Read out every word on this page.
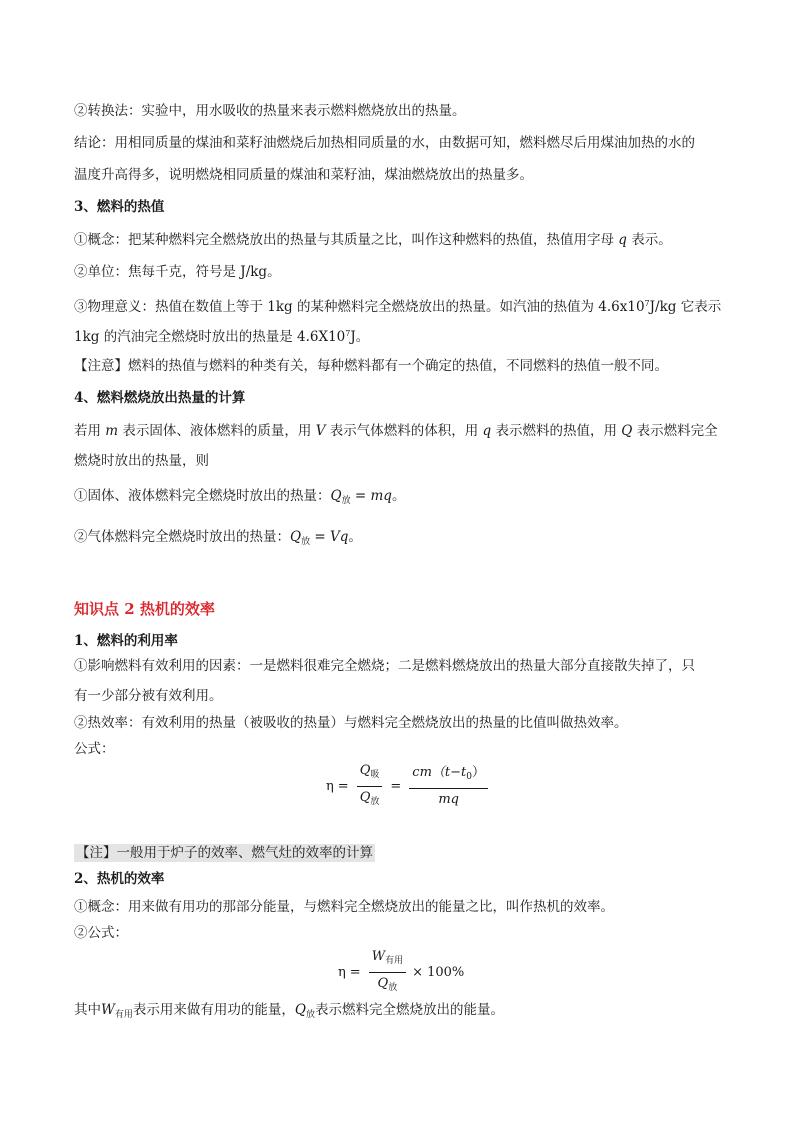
②转换法：实验中，用水吸收的热量来表示燃料燃烧放出的热量。
结论：用相同质量的煤油和菜籽油燃烧后加热相同质量的水，由数据可知，燃料燃尽后用煤油加热的水的
温度升高得多，说明燃烧相同质量的煤油和菜籽油，煤油燃烧放出的热量多。
3、燃料的热值
①概念：把某种燃料完全燃烧放出的热量与其质量之比，叫作这种燃料的热值，热值用字母 q 表示。
②单位：焦每千克，符号是 J/kg。
③物理意义：热值在数值上等于 1kg 的某种燃料完全燃烧放出的热量。如汽油的热值为 $4.6x10^7J/kg$ 它表示
1kg 的汽油完全燃烧时放出的热量是 $4.6X10^7J$。
【注意】燃料的热值与燃料的种类有关，每种燃料都有一个确定的热值，不同燃料的热值一般不同。
4、燃料燃烧放出热量的计算
若用 m 表示固体、液体燃料的质量，用 V 表示气体燃料的体积，用 q 表示燃料的热值，用 Q 表示燃料完全
燃烧时放出的热量，则
①固体、液体燃料完全燃烧时放出的热量：$Q_放$ = mq。
②气体燃料完全燃烧时放出的热量：$Q_放 = Vq$。
知识点 2 热机的效率
1、燃料的利用率
①影响燃料有效利用的因素：一是燃料很难完全燃烧；二是燃料燃烧放出的热量大部分直接散失掉了，只
有一少部分被有效利用。
②热效率：有效利用的热量（被吸收的热量）与燃料完全燃烧放出的热量的比值叫做热效率。
公式：
$\eta = \frac{Q_吸}{Q_放} = \frac{cm(t-t_0)}{mq}$
【注】一般用于炉子的效率、燃气灶的效率的计算
2、热机的效率
①概念：用来做有用功的那部分能量，与燃料完全燃烧放出的能量之比，叫作热机的效率。
②公式：
$\eta = \frac{W_{有用}}{Q_放} \times 100\%$
其中$W_{有用}$表示用来做有用功的能量，$Q_放$表示燃料完全燃烧放出的能量。
